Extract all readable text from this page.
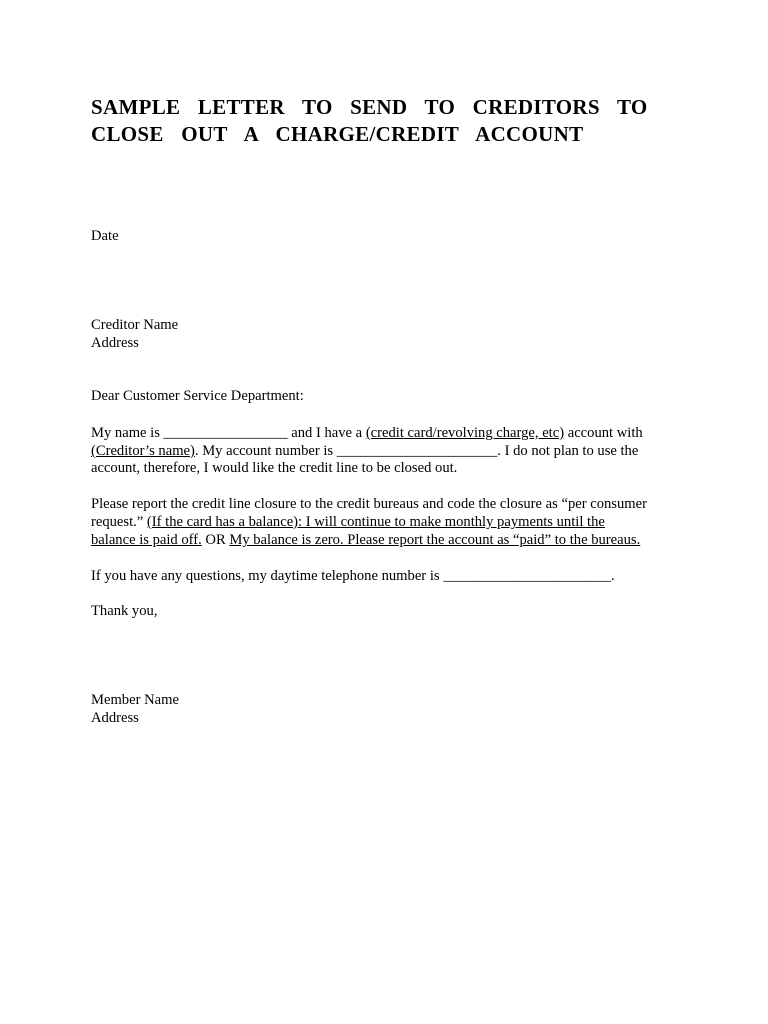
SAMPLE LETTER TO SEND TO CREDITORS TO
CLOSE OUT A CHARGE/CREDIT ACCOUNT

Date

Creditor Name

Address

Dear Customer Service Department:

My name is _________________ and I have a (credit card/revolving charge, etc) account with

(Creditor’s name). My account number is ______________________. I do not plan to use the

account, therefore, I would like the credit line to be closed out.

Please report the credit line closure to the credit bureaus and code the closure as “per consumer

request.” (If the card has a balance): I will continue to make monthly payments until the

balance is paid off. OR My balance is zero. Please report the account as “paid” to the bureaus.

If you have any questions, my daytime telephone number is _______________________.

Thank you,

Member Name

Address
